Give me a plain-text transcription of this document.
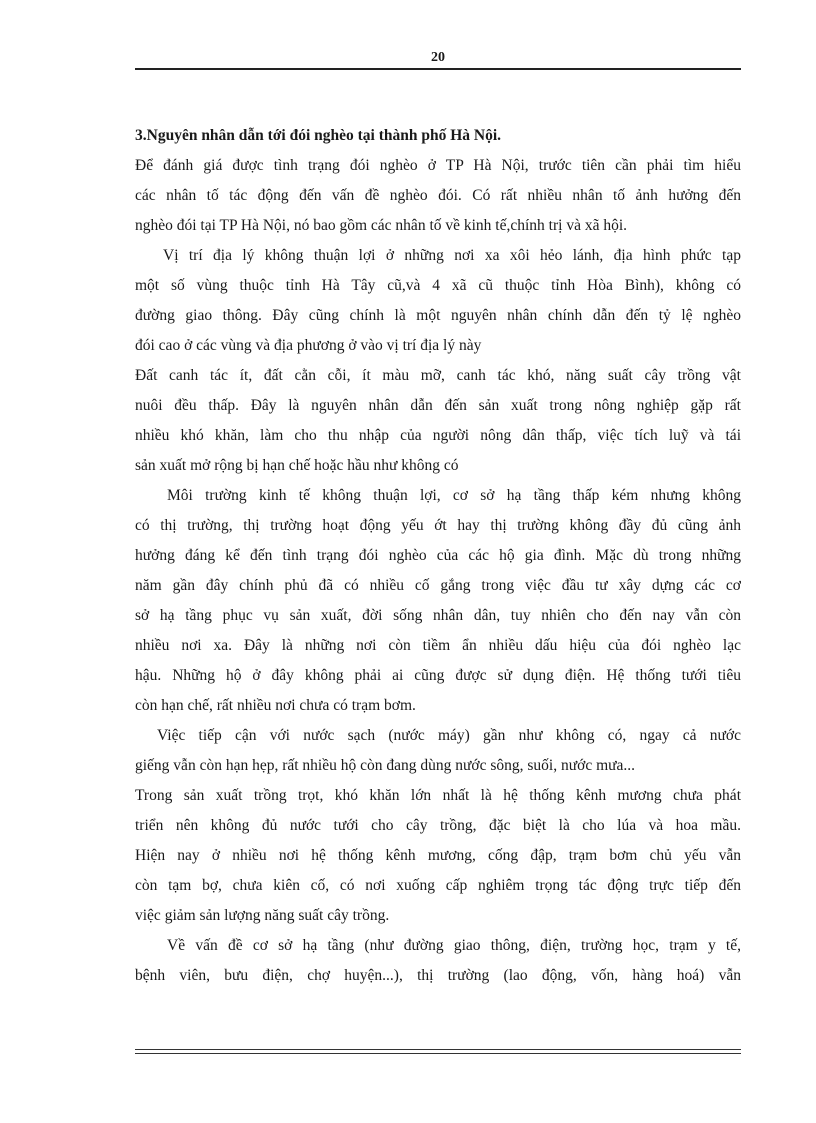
20
3.Nguyên nhân dẫn tới đói nghèo tại thành phố Hà Nội.
Để đánh giá được tình trạng đói nghèo ở TP Hà Nội, trước tiên cần phải tìm hiểu
các nhân tố tác động đến vấn đề nghèo đói. Có rất nhiều nhân tố ảnh hưởng đến
nghèo đói tại TP Hà Nội, nó bao gồm các nhân tố về kinh tế,chính trị và xã hội.
Vị trí địa lý không thuận lợi ở những nơi xa xôi hẻo lánh, địa hình phức tạp
một số vùng thuộc tỉnh Hà Tây cũ,và 4 xã cũ thuộc tỉnh Hòa Bình), không có
đường giao thông. Đây cũng chính là một nguyên nhân chính dẫn đến tỷ lệ nghèo
đói cao ở các vùng và địa phương ở vào vị trí địa lý này
Đất canh tác ít, đất cằn cỗi, ít màu mỡ, canh tác khó, năng suất cây trồng vật
nuôi đều thấp. Đây là nguyên nhân dẫn đến sản xuất trong nông nghiệp gặp rất
nhiều khó khăn, làm cho thu nhập của người nông dân thấp, việc tích luỹ và tái
sản xuất mở rộng bị hạn chế hoặc hầu như không có
Môi trường kinh tế không thuận lợi, cơ sở hạ tầng thấp kém nhưng không
có thị trường, thị trường hoạt động yếu ớt hay thị trường không đầy đủ cũng ảnh
hưởng đáng kể đến tình trạng đói nghèo của các hộ gia đình. Mặc dù trong những
năm gần đây chính phủ đã có nhiều cố gắng trong việc đầu tư xây dựng các cơ
sở hạ tầng phục vụ sản xuất, đời sống nhân dân, tuy nhiên cho đến nay vẫn còn
nhiều nơi xa. Đây là những nơi còn tiềm ẩn nhiều dấu hiệu của đói nghèo lạc
hậu. Những hộ ở đây không phải ai cũng được sử dụng điện. Hệ thống tưới tiêu
còn hạn chế, rất nhiều nơi chưa có trạm bơm.
Việc tiếp cận với nước sạch (nước máy) gần như không có, ngay cả nước
giếng vẫn còn hạn hẹp, rất nhiều hộ còn đang dùng nước sông, suối, nước mưa...
Trong sản xuất trồng trọt, khó khăn lớn nhất là hệ thống kênh mương chưa phát
triển nên không đủ nước tưới cho cây trồng, đặc biệt là cho lúa và hoa mầu.
Hiện nay ở nhiều nơi hệ thống kênh mương, cống đập, trạm bơm chủ yếu vẫn
còn tạm bợ, chưa kiên cố, có nơi xuống cấp nghiêm trọng tác động trực tiếp đến
việc giảm sản lượng năng suất cây trồng.
Về vấn đề cơ sở hạ tầng (như đường giao thông, điện, trường học, trạm y tế,
bệnh viên, bưu điện, chợ huyện...), thị trường (lao động, vốn, hàng hoá) vẫn
